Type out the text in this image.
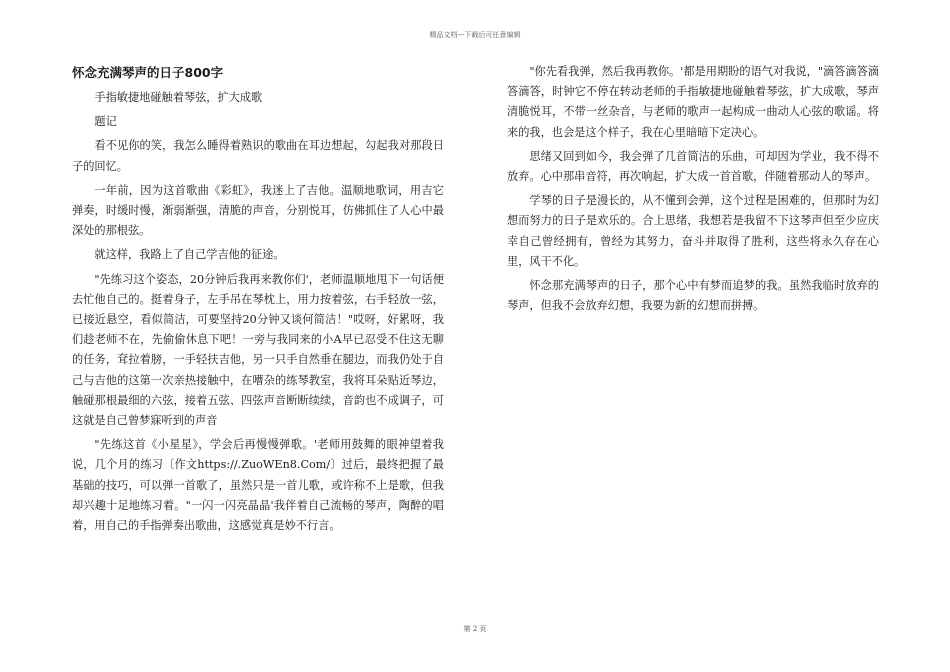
精品文档---下载后可任意编辑
怀念充满琴声的日子800字

手指敏捷地碰触着琴弦，扩大成歌

题记

看不见你的笑，我怎么睡得着熟识的歌曲在耳边想起，勾起我对那段日子的回忆。

一年前，因为这首歌曲《彩虹》，我迷上了吉他。温顺地歌词，用吉它弹奏，时缓时慢，渐弱渐强，清脆的声音，分别悦耳，仿佛抓住了人心中最深处的那根弦。

就这样，我路上了自己学吉他的征途。

"先练习这个姿态，20分钟后我再来教你们'，老师温顺地甩下一句话便去忙他自己的。挺着身子，左手吊在琴枕上，用力按着弦，右手轻放一弦，已接近悬空，看似简洁，可要坚持20分钟又谈何简洁！"哎呀，好累呀，我们趁老师不在，先偷偷休息下吧！一旁与我同来的小A早已忍受不住这无聊的任务，耷拉着膀，一手轻扶吉他，另一只手自然垂在腿边，而我仍处于自己与吉他的这第一次亲热接触中，在嘈杂的练琴教室，我将耳朵贴近琴边，触碰那根最细的六弦，接着五弦、四弦声音断断续续，音韵也不成调子，可这就是自己曾梦寐听到的声音

"先练这首《小星星》，学会后再慢慢弹歌。'老师用鼓舞的眼神望着我说，几个月的练习〔作文https://.ZuoWEn8.Com/〕过后，最终把握了最基础的技巧，可以弹一首歌了，虽然只是一首儿歌，或许称不上是歌，但我却兴趣十足地练习着。"一闪一闪亮晶晶'我伴着自己流畅的琴声，陶醉的唱着，用自己的手指弹奏出歌曲，这感觉真是妙不行言。

"你先看我弹，然后我再教你。'都是用期盼的语气对我说，"滴答滴答滴答滴答，时钟它不停在转动老师的手指敏捷地碰触着琴弦，扩大成歌，琴声清脆悦耳，不带一丝杂音，与老师的歌声一起构成一曲动人心弦的歌谣。将来的我，也会是这个样子，我在心里暗暗下定决心。

思绪又回到如今，我会弹了几首简洁的乐曲，可却因为学业，我不得不放弃。心中那串音符，再次响起，扩大成一首首歌，伴随着那动人的琴声。

学琴的日子是漫长的，从不懂到会弹，这个过程是困难的，但那时为幻想而努力的日子是欢乐的。合上思绪，我想若是我留不下这琴声但至少应庆幸自己曾经拥有，曾经为其努力，奋斗并取得了胜利，这些将永久存在心里，风干不化。

怀念那充满琴声的日子，那个心中有梦而追梦的我。虽然我临时放弃的琴声，但我不会放弃幻想，我要为新的幻想而拼搏。

第 2 页
